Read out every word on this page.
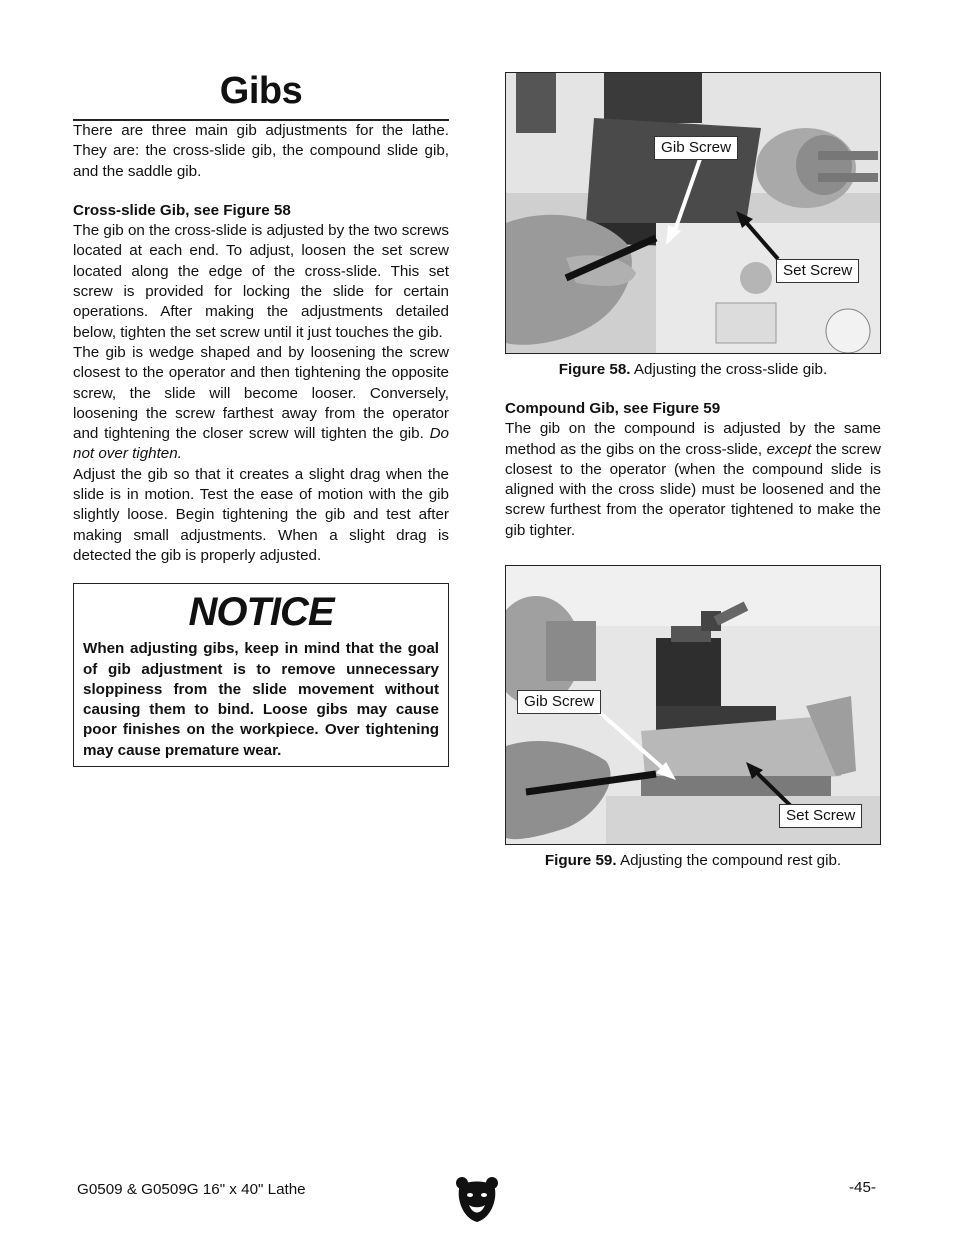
Gibs

There are three main gib adjustments for the lathe. They are: the cross-slide gib, the compound slide gib, and the saddle gib.

Cross-slide Gib, see Figure 58

The gib on the cross-slide is adjusted by the two screws located at each end. To adjust, loosen the set screw located along the edge of the cross-slide. This set screw is provided for locking the slide for certain operations. After making the adjustments detailed below, tighten the set screw until it just touches the gib.

The gib is wedge shaped and by loosening the screw closest to the operator and then tightening the opposite screw, the slide will become looser. Conversely, loosening the screw farthest away from the operator and tightening the closer screw will tighten the gib. Do not over tighten.

Adjust the gib so that it creates a slight drag when the slide is in motion. Test the ease of motion with the gib slightly loose. Begin tightening the gib and test after making small adjustments. When a slight drag is detected the gib is properly adjusted.

NOTICE

When adjusting gibs, keep in mind that the goal of gib adjustment is to remove unnecessary sloppiness from the slide movement without causing them to bind. Loose gibs may cause poor finishes on the workpiece. Over tightening may cause premature wear.

Gib Screw
Set Screw

Figure 58. Adjusting the cross-slide gib.

Compound Gib, see Figure 59

The gib on the compound is adjusted by the same method as the gibs on the cross-slide, except the screw closest to the operator (when the compound slide is aligned with the cross slide) must be loosened and the screw furthest from the operator tightened to make the gib tighter.

Gib Screw
Set Screw

Figure 59. Adjusting the compound rest gib.

G0509 & G0509G 16" x 40" Lathe	-45-
